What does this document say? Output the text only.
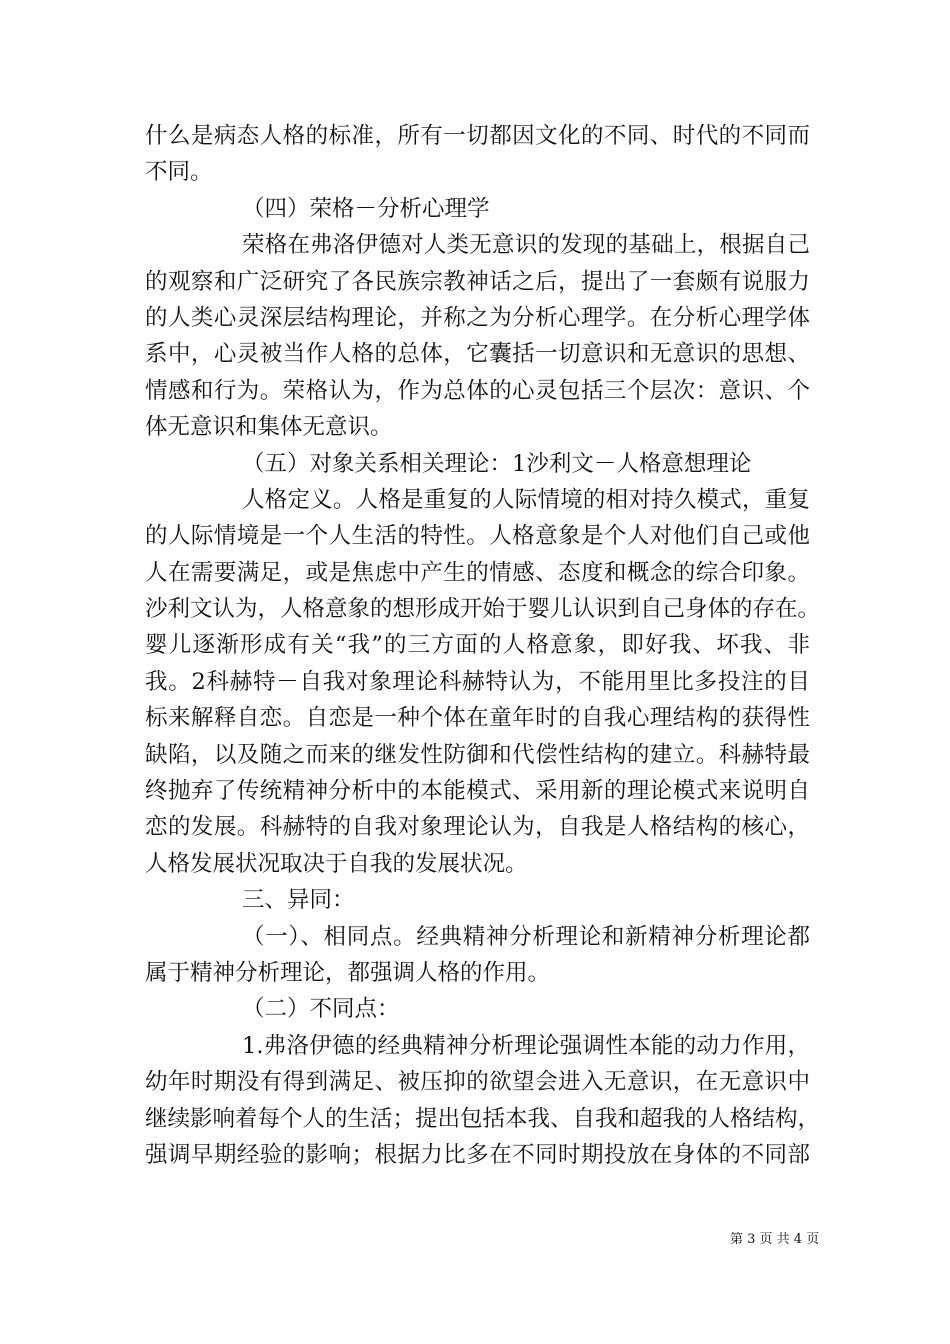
什么是病态人格的标准，所有一切都因文化的不同、时代的不同而
不同。
（四）荣格－分析心理学
荣格在弗洛伊德对人类无意识的发现的基础上，根据自己
的观察和广泛研究了各民族宗教神话之后，提出了一套颇有说服力
的人类心灵深层结构理论，并称之为分析心理学。在分析心理学体
系中，心灵被当作人格的总体，它囊括一切意识和无意识的思想、
情感和行为。荣格认为，作为总体的心灵包括三个层次：意识、个
体无意识和集体无意识。
（五）对象关系相关理论：1沙利文－人格意想理论
人格定义。人格是重复的人际情境的相对持久模式，重复
的人际情境是一个人生活的特性。人格意象是个人对他们自己或他
人在需要满足，或是焦虑中产生的情感、态度和概念的综合印象。
沙利文认为，人格意象的想形成开始于婴儿认识到自己身体的存在。
婴儿逐渐形成有关“我”的三方面的人格意象，即好我、坏我、非
我。2科赫特－自我对象理论科赫特认为，不能用里比多投注的目
标来解释自恋。自恋是一种个体在童年时的自我心理结构的获得性
缺陷，以及随之而来的继发性防御和代偿性结构的建立。科赫特最
终抛弃了传统精神分析中的本能模式、采用新的理论模式来说明自
恋的发展。科赫特的自我对象理论认为，自我是人格结构的核心，
人格发展状况取决于自我的发展状况。
三、异同：
（一）、相同点。经典精神分析理论和新精神分析理论都
属于精神分析理论，都强调人格的作用。
（二）不同点：
1.弗洛伊德的经典精神分析理论强调性本能的动力作用，
幼年时期没有得到满足、被压抑的欲望会进入无意识，在无意识中
继续影响着每个人的生活；提出包括本我、自我和超我的人格结构，
强调早期经验的影响；根据力比多在不同时期投放在身体的不同部
第 3 页 共 4 页
